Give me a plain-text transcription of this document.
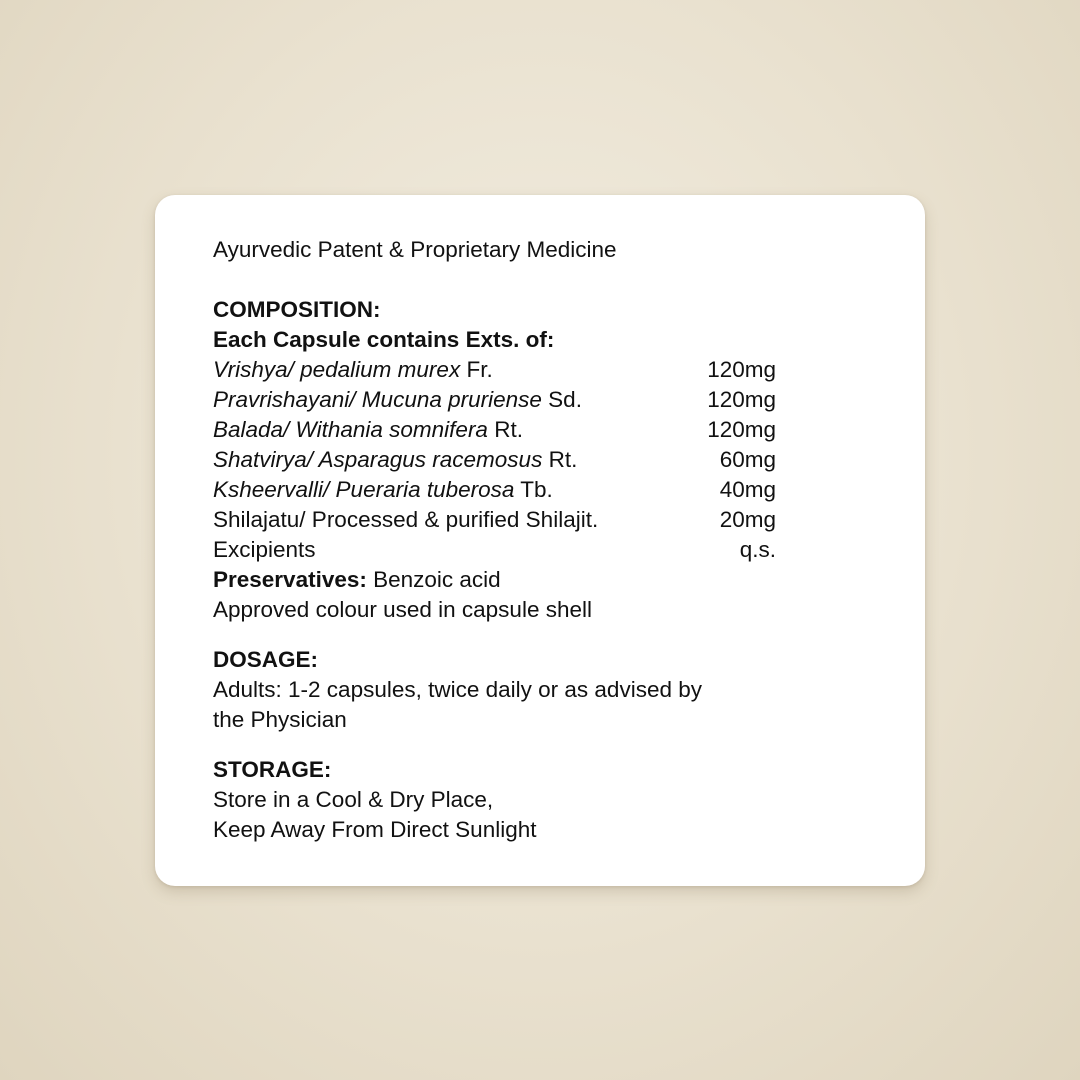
Ayurvedic Patent & Proprietary Medicine
COMPOSITION:
Each Capsule contains Exts. of:
Vrishya/ pedalium murex Fr.	120mg
Pravrishayani/ Mucuna pruriense Sd.	120mg
Balada/ Withania somnifera Rt.	120mg
Shatvirya/ Asparagus racemosus Rt.	60mg
Ksheervalli/ Pueraria tuberosa Tb.	40mg
Shilajatu/ Processed & purified Shilajit.	20mg
Excipients	q.s.
Preservatives: Benzoic acid
Approved colour used in capsule shell
DOSAGE:
Adults: 1-2 capsules, twice daily or as advised by
the Physician
STORAGE:
Store in a Cool & Dry Place,
Keep Away From Direct Sunlight
